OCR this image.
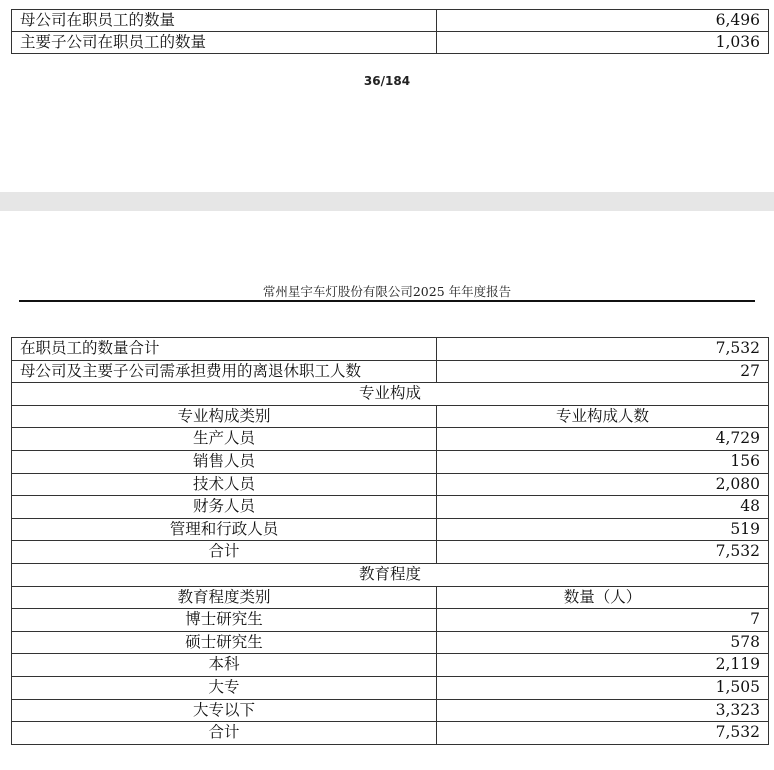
母公司在职员工的数量	6,496
主要子公司在职员工的数量	1,036
36/184
常州星宇车灯股份有限公司2025 年年度报告
在职员工的数量合计	7,532
母公司及主要子公司需承担费用的离退休职工人数	27
专业构成	
专业构成类别	专业构成人数
生产人员	4,729
销售人员	156
技术人员	2,080
财务人员	48
管理和行政人员	519
合计	7,532
教育程度	
教育程度类别	数量（人）
博士研究生	7
硕士研究生	578
本科	2,119
大专	1,505
大专以下	3,323
合计	7,532
